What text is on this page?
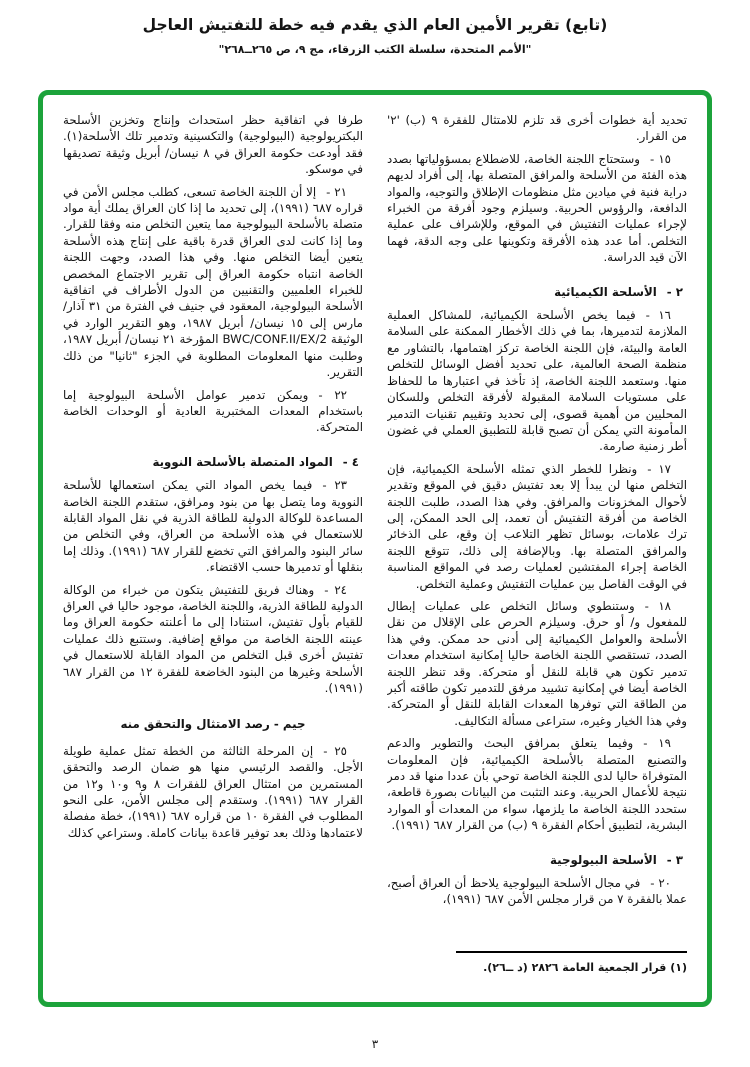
(تابع) تقرير الأمين العام الذي يقدم فيه خطة للتفتيش العاجل
"الأمم المتحدة، سلسلة الكتب الزرقاء، مج ٩، ص ٢٦٥ــ٢٦٨"

تحديد أية خطوات أخرى قد تلزم للامتثال للفقرة ٩ (ب) '٢' من القرار.

١٥ -وستحتاج اللجنة الخاصة، للاضطلاع بمسؤولياتها بصدد هذه الفئة من الأسلحة والمرافق المتصلة بها، إلى أفراد لديهم دراية فنية في ميادين مثل منظومات الإطلاق والتوجيه، والمواد الدافعة، والرؤوس الحربية. وسيلزم وجود أفرقة من الخبراء لإجراء عمليات التفتيش في الموقع، وللإشراف على عملية التخلص. أما عدد هذه الأفرقة وتكوينها على وجه الدقة، فهما الآن قيد الدراسة.

٢ -الأسلحة الكيميائية

١٦ -فيما يخص الأسلحة الكيميائية، للمشاكل العملية الملازمة لتدميرها، بما في ذلك الأخطار الممكنة على السلامة العامة والبيئة، فإن اللجنة الخاصة تركز اهتمامها، بالتشاور مع منظمة الصحة العالمية، على تحديد أفضل الوسائل للتخلص منها. وستعمد اللجنة الخاصة، إذ تأخذ في اعتبارها ما للحفاظ على مستويات السلامة المقبولة لأفرقة التخلص وللسكان المحليين من أهمية قصوى، إلى تحديد وتقييم تقنيات التدمير المأمونة التي يمكن أن تصبح قابلة للتطبيق العملي في غضون أطر زمنية صارمة.

١٧ -ونظرا للخطر الذي تمثله الأسلحة الكيميائية، فإن التخلص منها لن يبدأ إلا بعد تفتيش دقيق في الموقع وتقدير لأحوال المخزونات والمرافق. وفي هذا الصدد، طلبت اللجنة الخاصة من أفرقة التفتيش أن تعمد، إلى الحد الممكن، إلى ترك علامات، بوسائل تظهر التلاعب إن وقع، على الذخائر والمرافق المتصلة بها. وبالإضافة إلى ذلك، تتوقع اللجنة الخاصة إجراء المفتشين لعمليات رصد في المواقع المناسبة في الوقت الفاصل بين عمليات التفتيش وعملية التخلص.

١٨ -وستنطوي وسائل التخلص على عمليات إبطال للمفعول و/ أو حرق. وسيلزم الحرص على الإقلال من نقل الأسلحة والعوامل الكيميائية إلى أدنى حد ممكن. وفي هذا الصدد، تستقصي اللجنة الخاصة حاليا إمكانية استخدام معدات تدمير تكون هي قابلة للنقل أو متحركة. وقد تنظر اللجنة الخاصة أيضا في إمكانية تشييد مرفق للتدمير تكون طاقته أكبر من الطاقة التي توفرها المعدات القابلة للنقل أو المتحركة. وفي هذا الخيار وغيره، ستراعى مسألة التكاليف.

١٩ -وفيما يتعلق بمرافق البحث والتطوير والدعم والتصنيع المتصلة بالأسلحة الكيميائية، فإن المعلومات المتوفراة حاليا لدى اللجنة الخاصة توحي بأن عددا منها قد دمر نتيجة للأعمال الحربية. وعند التثبت من البيانات بصورة قاطعة، ستحدد اللجنة الخاصة ما يلزمها، سواء من المعدات أو الموارد البشرية، لتطبيق أحكام الفقرة ٩ (ب) من القرار ٦٨٧ (١٩٩١).

٣ -الأسلحة البيولوجية

٢٠ -في مجال الأسلحة البيولوجية يلاحظ أن العراق أصبح، عملا بالفقرة ٧ من قرار مجلس الأمن ٦٨٧ (١٩٩١)،

(١) قرار الجمعية العامة ٢٨٢٦ (د ــ٢٦).

طرفا في اتفاقية حظر استحداث وإنتاج وتخزين الأسلحة البكتريولوجية (البيولوجية) والتكسينية وتدمير تلك الأسلحة(١). فقد أودعت حكومة العراق في ٨ نيسان/ أبريل وثيقة تصديقها في موسكو.

٢١ -إلا أن اللجنة الخاصة تسعى، كطلب مجلس الأمن في قراره ٦٨٧ (١٩٩١)، إلى تحديد ما إذا كان العراق يملك أية مواد متصلة بالأسلحة البيولوجية مما يتعين التخلص منه وفقا للقرار. وما إذا كانت لدى العراق قدرة باقية على إنتاج هذه الأسلحة يتعين أيضا التخلص منها. وفي هذا الصدد، وجهت اللجنة الخاصة انتباه حكومة العراق إلى تقرير الاجتماع المخصص للخبراء العلميين والتقنيين من الدول الأطراف في اتفاقية الأسلحة البيولوجية، المعقود في جنيف في الفترة من ٣١ آذار/ مارس إلى ١٥ نيسان/ أبريل ١٩٨٧، وهو التقرير الوارد في الوثيقة BWC/CONF.II/EX/2 المؤرخة ٢١ نيسان/ أبريل ١٩٨٧، وطلبت منها المعلومات المطلوبة في الجزء "ثانيا" من ذلك التقرير.

٢٢ -ويمكن تدمير عوامل الأسلحة البيولوجية إما باستخدام المعدات المختبرية العادية أو الوحدات الخاصة المتحركة.

٤ -المواد المتصلة بالأسلحة النووية

٢٣ -فيما يخص المواد التي يمكن استعمالها للأسلحة النووية وما يتصل بها من بنود ومرافق، ستقدم اللجنة الخاصة المساعدة للوكالة الدولية للطاقة الذرية في نقل المواد القابلة للاستعمال في هذه الأسلحة من العراق، وفي التخلص من سائر البنود والمرافق التي تخضع للقرار ٦٨٧ (١٩٩١). وذلك إما بنقلها أو تدميرها حسب الاقتضاء.

٢٤ -وهناك فريق للتفتيش يتكون من خبراء من الوكالة الدولية للطاقة الذرية، واللجنة الخاصة، موجود حاليا في العراق للقيام بأول تفتيش، استنادا إلى ما أعلنته حكومة العراق وما عينته اللجنة الخاصة من مواقع إضافية. وستتبع ذلك عمليات تفتيش أخرى قبل التخلص من المواد القابلة للاستعمال في الأسلحة وغيرها من البنود الخاضعة للفقرة ١٢ من القرار ٦٨٧ (١٩٩١).

جيم - رصد الامتثال والتحقق منه

٢٥ -إن المرحلة الثالثة من الخطة تمثل عملية طويلة الأجل. والقصد الرئيسي منها هو ضمان الرصد والتحقق المستمرين من امتثال العراق للفقرات ٨ و٩ و١٠ و١٢ من القرار ٦٨٧ (١٩٩١). وستقدم إلى مجلس الأمن، على النحو المطلوب في الفقرة ١٠ من قراره ٦٨٧ (١٩٩١)، خطة مفصلة لاعتمادها وذلك بعد توفير قاعدة بيانات كاملة. وستراعي كذلك

٣
